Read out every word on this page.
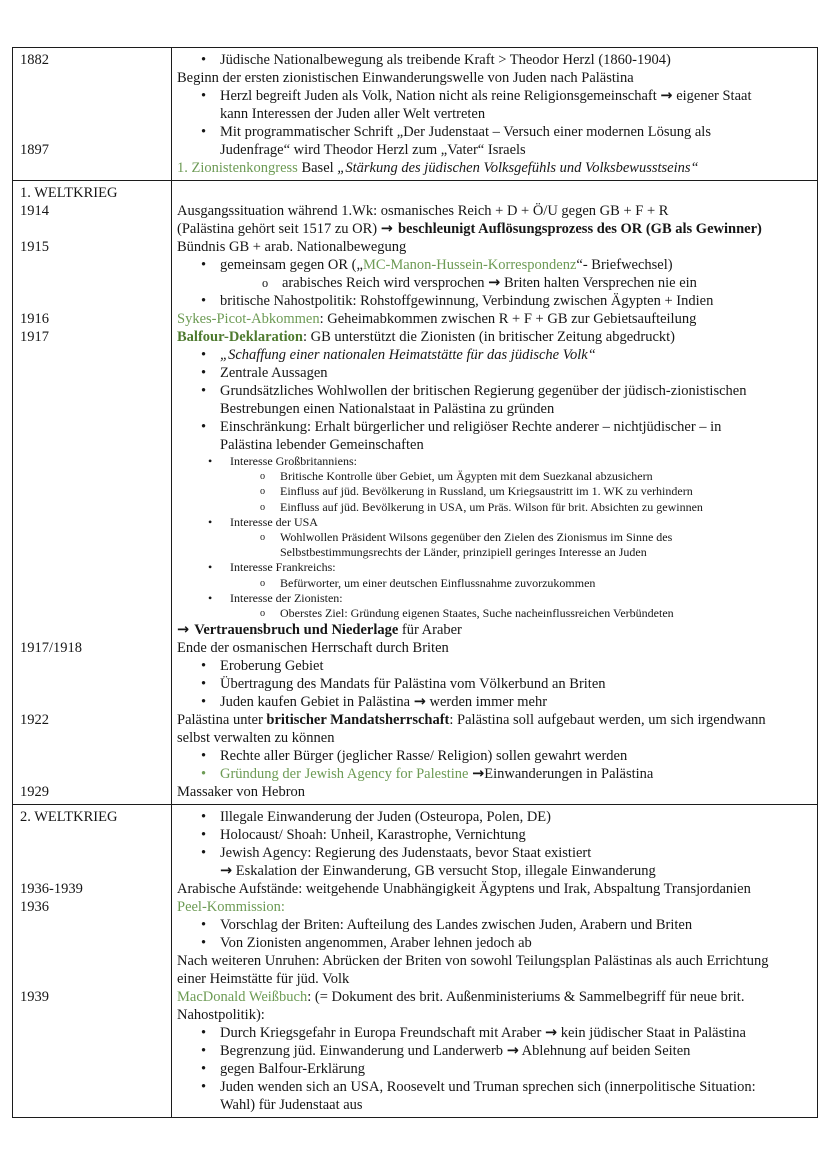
1882	• Jüdische Nationalbewegung als treibende Kraft > Theodor Herzl (1860-1904)
Beginn der ersten zionistischen Einwanderungswelle von Juden nach Palästina
• Herzl begreift Juden als Volk, Nation nicht als reine Religionsgemeinschaft → eigener Staat
kann Interessen der Juden aller Welt vertreten
• Mit programmatischer Schrift „Der Judenstaat – Versuch einer modernen Lösung als
1897	Judenfrage“ wird Theodor Herzl zum „Vater“ Israels
1. Zionistenkongress Basel „Stärkung des jüdischen Volksgefühls und Volksbewusstseins“
1. WELTKRIEG

1914	Ausgangssituation während 1.Wk: osmanisches Reich + D + Ö/U gegen GB + F + R
(Palästina gehört seit 1517 zu OR) → beschleunigt Auflösungsprozess des OR (GB als Gewinner)
1915	Bündnis GB + arab. Nationalbewegung
• gemeinsam gegen OR („MC-Manon-Hussein-Korrespondenz“- Briefwechsel)
o arabisches Reich wird versprochen → Briten halten Versprechen nie ein
• britische Nahostpolitik: Rohstoffgewinnung, Verbindung zwischen Ägypten + Indien
1916	Sykes-Picot-Abkommen: Geheimabkommen zwischen R + F + GB zur Gebietsaufteilung
1917	Balfour-Deklaration: GB unterstützt die Zionisten (in britischer Zeitung abgedruckt)
• „Schaffung einer nationalen Heimatstätte für das jüdische Volk“
• Zentrale Aussagen
• Grundsätzliches Wohlwollen der britischen Regierung gegenüber der jüdisch-zionistischen
Bestrebungen einen Nationalstaat in Palästina zu gründen
• Einschränkung: Erhalt bürgerlicher und religiöser Rechte anderer – nichtjüdischer – in
Palästina lebender Gemeinschaften
• Interesse Großbritanniens:
o Britische Kontrolle über Gebiet, um Ägypten mit dem Suezkanal abzusichern
o Einfluss auf jüd. Bevölkerung in Russland, um Kriegsaustritt im 1. WK zu verhindern
o Einfluss auf jüd. Bevölkerung in USA, um Präs. Wilson für brit. Absichten zu gewinnen
• Interesse der USA
o Wohlwollen Präsident Wilsons gegenüber den Zielen des Zionismus im Sinne des
Selbstbestimmungsrechts der Länder, prinzipiell geringes Interesse an Juden
• Interesse Frankreichs:
o Befürworter, um einer deutschen Einflussnahme zuvorzukommen
• Interesse der Zionisten:
o Oberstes Ziel: Gründung eigenen Staates, Suche nacheinflussreichen Verbündeten
→ Vertrauensbruch und Niederlage für Araber
1917/1918	Ende der osmanischen Herrschaft durch Briten
• Eroberung Gebiet
• Übertragung des Mandats für Palästina vom Völkerbund an Briten
• Juden kaufen Gebiet in Palästina → werden immer mehr
1922	Palästina unter britischer Mandatsherrschaft: Palästina soll aufgebaut werden, um sich irgendwann
selbst verwalten zu können
• Rechte aller Bürger (jeglicher Rasse/ Religion) sollen gewahrt werden
• Gründung der Jewish Agency for Palestine →Einwanderungen in Palästina
1929	Massaker von Hebron
2. WELTKRIEG	• Illegale Einwanderung der Juden (Osteuropa, Polen, DE)
• Holocaust/ Shoah: Unheil, Karastrophe, Vernichtung
• Jewish Agency: Regierung des Judenstaats, bevor Staat existiert
→ Eskalation der Einwanderung, GB versucht Stop, illegale Einwanderung
1936-1939	Arabische Aufstände: weitgehende Unabhängigkeit Ägyptens und Irak, Abspaltung Transjordanien
1936	Peel-Kommission:
• Vorschlag der Briten: Aufteilung des Landes zwischen Juden, Arabern und Briten
• Von Zionisten angenommen, Araber lehnen jedoch ab
Nach weiteren Unruhen: Abrücken der Briten von sowohl Teilungsplan Palästinas als auch Errichtung
einer Heimstätte für jüd. Volk
1939	MacDonald Weißbuch: (= Dokument des brit. Außenministeriums & Sammelbegriff für neue brit.
Nahostpolitik):
• Durch Kriegsgefahr in Europa Freundschaft mit Araber → kein jüdischer Staat in Palästina
• Begrenzung jüd. Einwanderung und Landerwerb → Ablehnung auf beiden Seiten
• gegen Balfour-Erklärung
• Juden wenden sich an USA, Roosevelt und Truman sprechen sich (innerpolitische Situation:
Wahl) für Judenstaat aus
